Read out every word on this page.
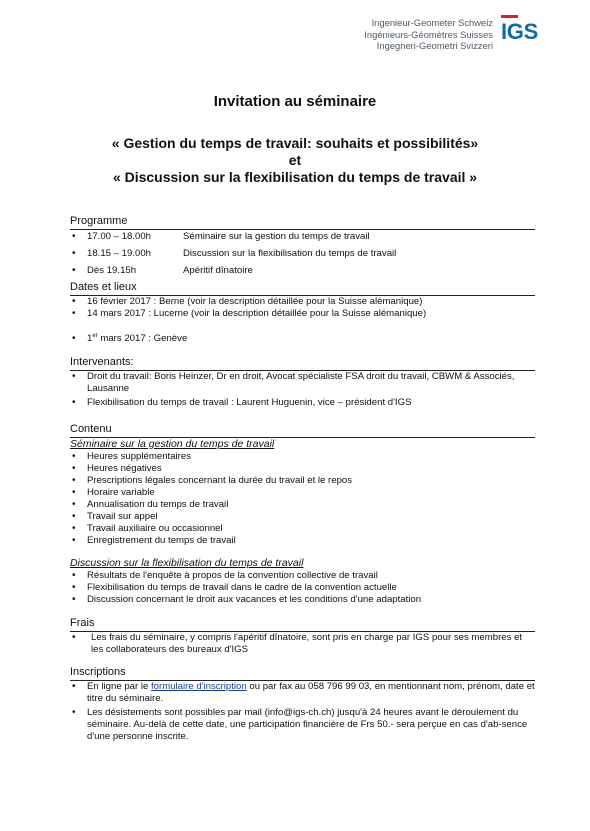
Ingenieur-Geometer Schweiz
Ingénieurs-Géomètres Suisses
Ingegneri-Geometri Svizzeri
IGS
Invitation au séminaire
« Gestion du temps de travail: souhaits et possibilités»
et
« Discussion sur la flexibilisation du temps de travail »
Programme
• 17.00 – 18.00h	Séminaire sur la gestion du temps de travail
• 18.15 – 19.00h	Discussion sur la flexibilisation du temps de travail
• Dès 19.15h	Apéritif dînatoire
Dates et lieux
• 16 février 2017 : Berne (voir la description détaillée pour la Suisse alémanique)
• 14 mars 2017 : Lucerne (voir la description détaillée pour la Suisse alémanique)
• 1er mars 2017 : Genève
Intervenants:
• Droit du travail: Boris Heinzer, Dr en droit, Avocat spécialiste FSA droit du travail, CBWM & Associés, Lausanne
• Flexibilisation du temps de travail : Laurent Huguenin, vice – président d'IGS
Contenu
Séminaire sur la gestion du temps de travail
• Heures supplémentaires
• Heures négatives
• Prescriptions légales concernant la durée du travail et le repos
• Horaire variable
• Annualisation du temps de travail
• Travail sur appel
• Travail auxiliaire ou occasionnel
• Enregistrement du temps de travail
Discussion sur la flexibilisation du temps de travail
• Résultats de l'enquête à propos de la convention collective de travail
• Flexibilisation du temps de travail dans le cadre de la convention actuelle
• Discussion concernant le droit aux vacances et les conditions d'une adaptation
Frais
• Les frais du séminaire, y compris l'apéritif dînatoire, sont pris en charge par IGS pour ses membres et les collaborateurs des bureaux d'IGS
Inscriptions
• En ligne par le formulaire d'inscription ou par fax au 058 796 99 03, en mentionnant nom, prénom, date et titre du séminaire.
• Les désistements sont possibles par mail (info@igs-ch.ch) jusqu'à 24 heures avant le déroulement du séminaire. Au-delà de cette date, une participation financière de Frs 50.- sera perçue en cas d'ab-sence d'une personne inscrite.
